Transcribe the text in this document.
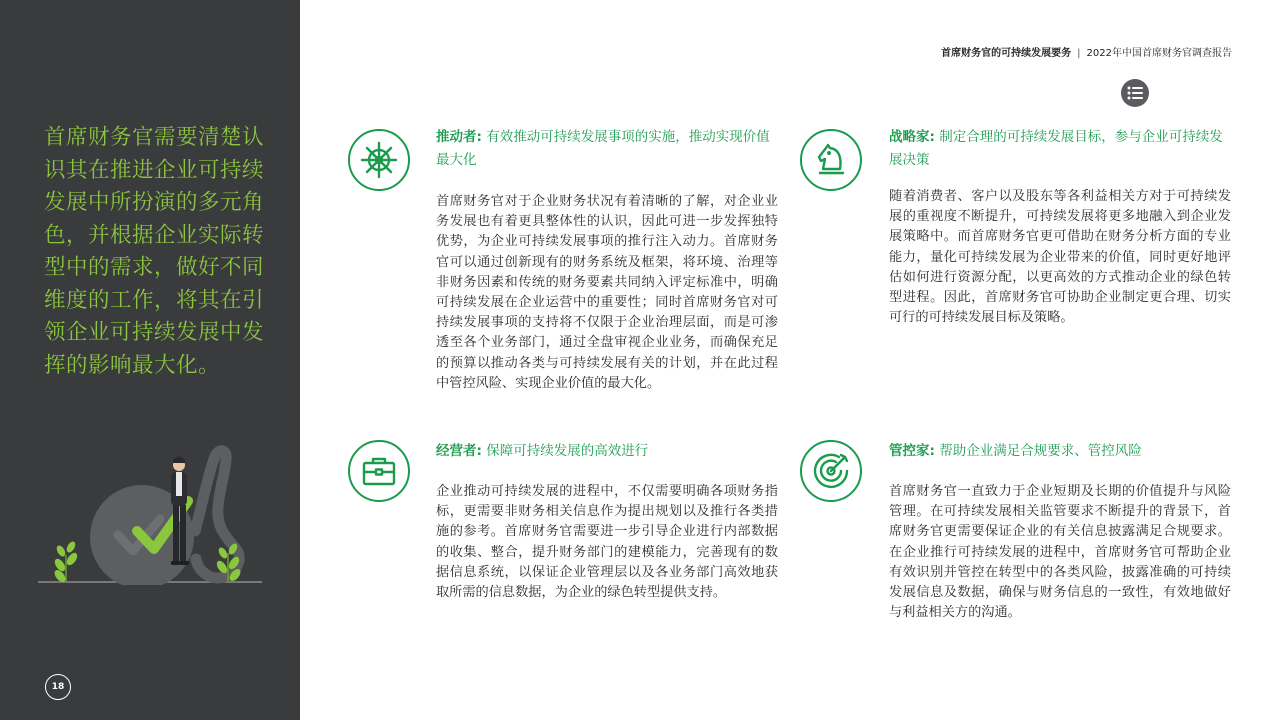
首席财务官需要清楚认识其在推进企业可持续发展中所扮演的多元角色，并根据企业实际转型中的需求，做好不同维度的工作，将其在引领企业可持续发展中发挥的影响最大化。
18
首席财务官的可持续发展要务 | 2022年中国首席财务官调查报告
推动者: 有效推动可持续发展事项的实施，推动实现价值最大化
首席财务官对于企业财务状况有着清晰的了解，对企业业务发展也有着更具整体性的认识，因此可进一步发挥独特优势，为企业可持续发展事项的推行注入动力。首席财务官可以通过创新现有的财务系统及框架，将环境、治理等非财务因素和传统的财务要素共同纳入评定标准中，明确可持续发展在企业运营中的重要性；同时首席财务官对可持续发展事项的支持将不仅限于企业治理层面，而是可渗透至各个业务部门，通过全盘审视企业业务，而确保充足的预算以推动各类与可持续发展有关的计划，并在此过程中管控风险、实现企业价值的最大化。
战略家: 制定合理的可持续发展目标，参与企业可持续发展决策
随着消费者、客户以及股东等各利益相关方对于可持续发展的重视度不断提升，可持续发展将更多地融入到企业发展策略中。而首席财务官更可借助在财务分析方面的专业能力，量化可持续发展为企业带来的价值，同时更好地评估如何进行资源分配，以更高效的方式推动企业的绿色转型进程。因此，首席财务官可协助企业制定更合理、切实可行的可持续发展目标及策略。
经营者: 保障可持续发展的高效进行
企业推动可持续发展的进程中，不仅需要明确各项财务指标，更需要非财务相关信息作为提出规划以及推行各类措施的参考。首席财务官需要进一步引导企业进行内部数据的收集、整合，提升财务部门的建模能力，完善现有的数据信息系统，以保证企业管理层以及各业务部门高效地获取所需的信息数据，为企业的绿色转型提供支持。
管控家: 帮助企业满足合规要求、管控风险
首席财务官一直致力于企业短期及长期的价值提升与风险管理。在可持续发展相关监管要求不断提升的背景下，首席财务官更需要保证企业的有关信息披露满足合规要求。在企业推行可持续发展的进程中，首席财务官可帮助企业有效识别并管控在转型中的各类风险，披露准确的可持续发展信息及数据，确保与财务信息的一致性，有效地做好与利益相关方的沟通。
